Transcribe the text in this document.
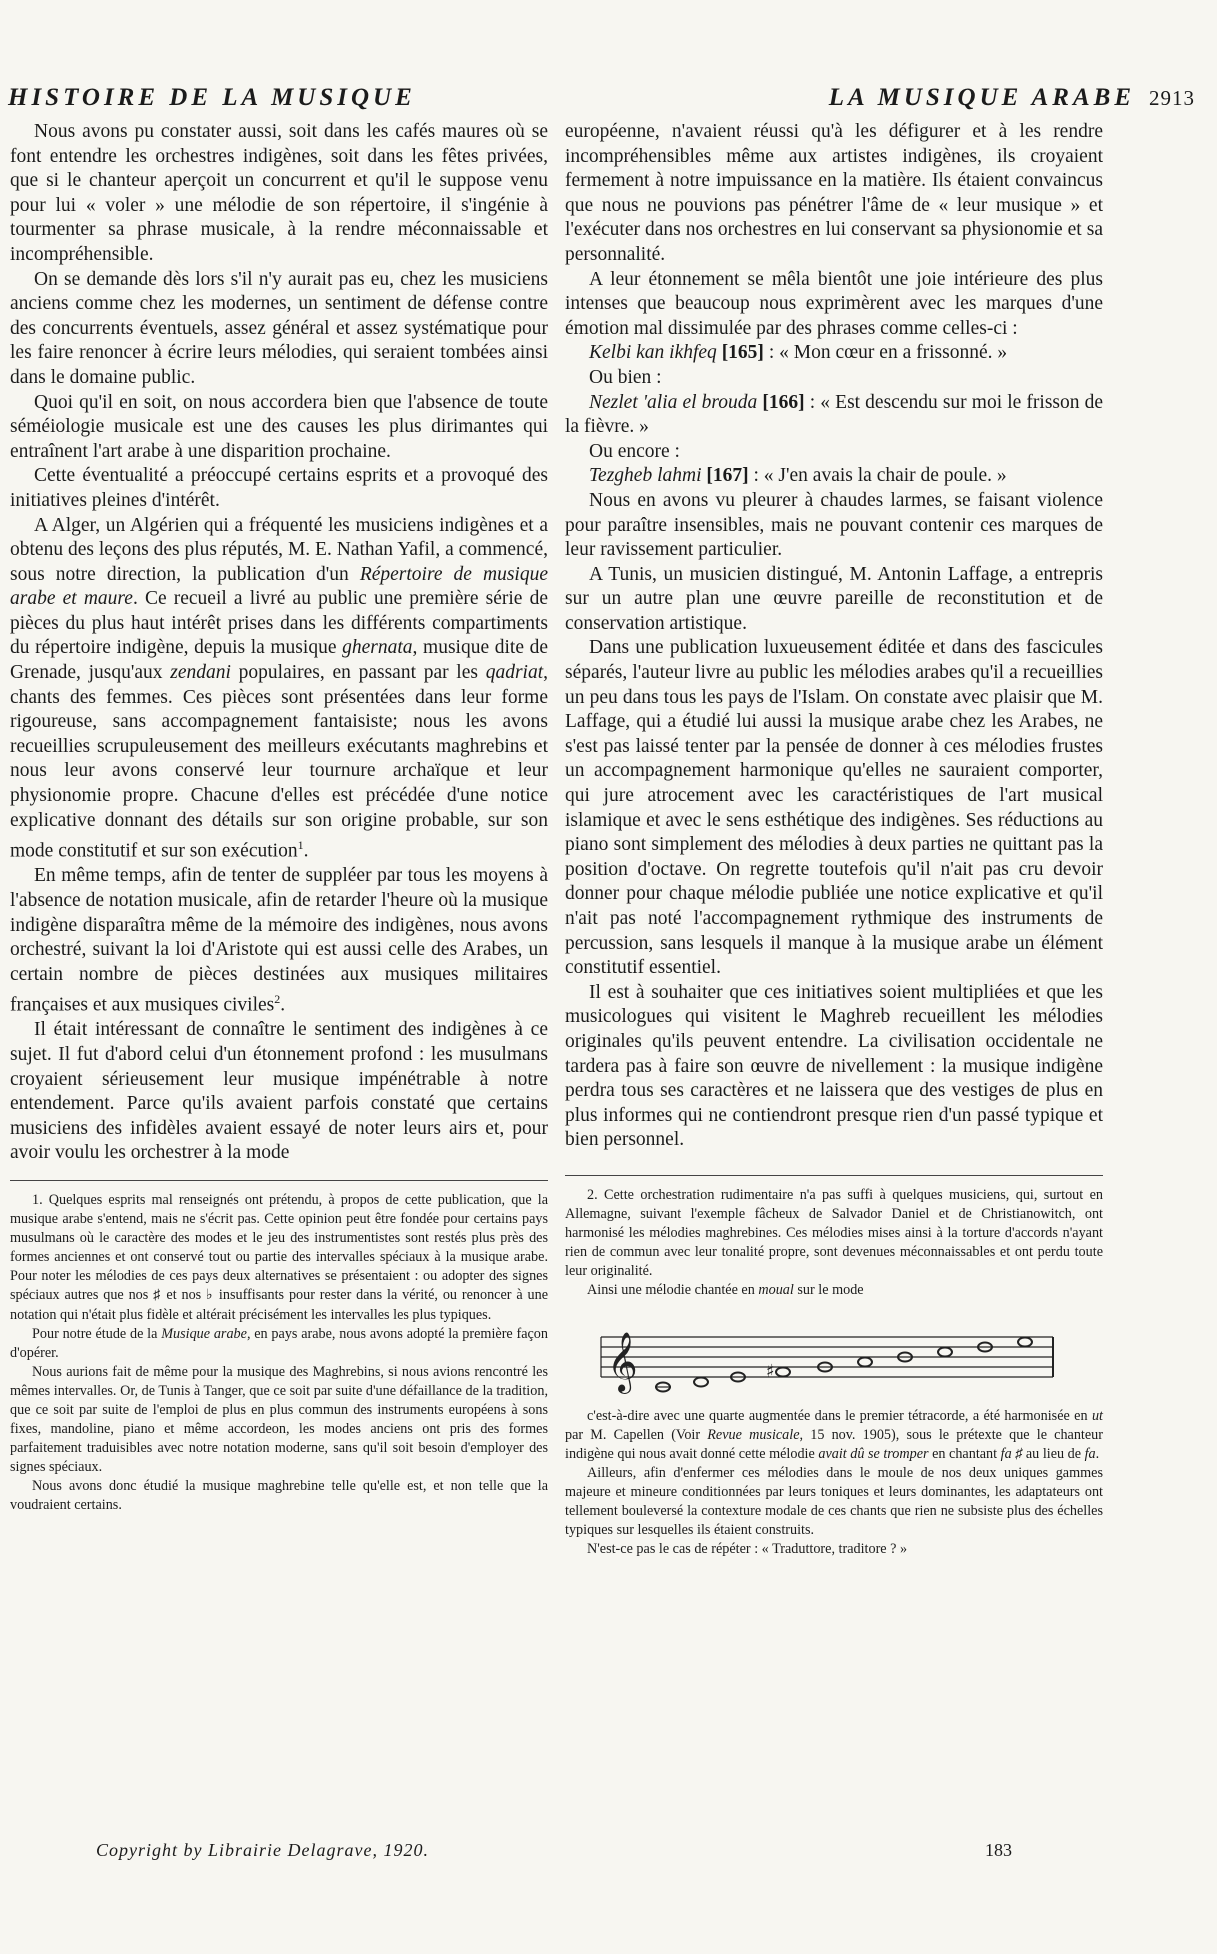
HISTOIRE DE LA MUSIQUE	LA MUSIQUE ARABE 2913

Nous avons pu constater aussi, soit dans les cafés maures où se font entendre les orchestres indigènes, soit dans les fêtes privées, que si le chanteur aperçoit un concurrent et qu'il le suppose venu pour lui « voler » une mélodie de son répertoire, il s'ingénie à tourmenter sa phrase musicale, à la rendre méconnaissable et incompréhensible.

On se demande dès lors s'il n'y aurait pas eu, chez les musiciens anciens comme chez les modernes, un sentiment de défense contre des concurrents éventuels, assez général et assez systématique pour les faire renoncer à écrire leurs mélodies, qui seraient tombées ainsi dans le domaine public.

Quoi qu'il en soit, on nous accordera bien que l'absence de toute séméiologie musicale est une des causes les plus dirimantes qui entraînent l'art arabe à une disparition prochaine.

Cette éventualité a préoccupé certains esprits et a provoqué des initiatives pleines d'intérêt.

A Alger, un Algérien qui a fréquenté les musiciens indigènes et a obtenu des leçons des plus réputés, M. E. Nathan Yafil, a commencé, sous notre direction, la publication d'un Répertoire de musique arabe et maure. Ce recueil a livré au public une première série de pièces du plus haut intérêt prises dans les différents compartiments du répertoire indigène, depuis la musique ghernata, musique dite de Grenade, jusqu'aux zendani populaires, en passant par les qadriat, chants des femmes. Ces pièces sont présentées dans leur forme rigoureuse, sans accompagnement fantaisiste; nous les avons recueillies scrupuleusement des meilleurs exécutants maghrebins et nous leur avons conservé leur tournure archaïque et leur physionomie propre. Chacune d'elles est précédée d'une notice explicative donnant des détails sur son origine probable, sur son mode constitutif et sur son exécution$^1$.

En même temps, afin de tenter de suppléer par tous les moyens à l'absence de notation musicale, afin de retarder l'heure où la musique indigène disparaîtra même de la mémoire des indigènes, nous avons orchestré, suivant la loi d'Aristote qui est aussi celle des Arabes, un certain nombre de pièces destinées aux musiques militaires françaises et aux musiques civiles$^2$.

Il était intéressant de connaître le sentiment des indigènes à ce sujet. Il fut d'abord celui d'un étonnement profond : les musulmans croyaient sérieusement leur musique impénétrable à notre entendement. Parce qu'ils avaient parfois constaté que certains musiciens des infidèles avaient essayé de noter leurs airs et, pour avoir voulu les orchestrer à la mode

1. Quelques esprits mal renseignés ont prétendu, à propos de cette publication, que la musique arabe s'entend, mais ne s'écrit pas. Cette opinion peut être fondée pour certains pays musulmans où le caractère des modes et le jeu des instrumentistes sont restés plus près des formes anciennes et ont conservé tout ou partie des intervalles spéciaux à la musique arabe. Pour noter les mélodies de ces pays deux alternatives se présentaient : ou adopter des signes spéciaux autres que nos ♯ et nos ♭ insuffisants pour rester dans la vérité, ou renoncer à une notation qui n'était plus fidèle et altérait précisément les intervalles les plus typiques.

Pour notre étude de la Musique arabe, en pays arabe, nous avons adopté la première façon d'opérer.

Nous aurions fait de même pour la musique des Maghrebins, si nous avions rencontré les mêmes intervalles. Or, de Tunis à Tanger, que ce soit par suite d'une défaillance de la tradition, que ce soit par suite de l'emploi de plus en plus commun des instruments européens à sons fixes, mandoline, piano et même accordeon, les modes anciens ont pris des formes parfaitement traduisibles avec notre notation moderne, sans qu'il soit besoin d'employer des signes spéciaux.

Nous avons donc étudié la musique maghrebine telle qu'elle est, et non telle que la voudraient certains.

européenne, n'avaient réussi qu'à les défigurer et à les rendre incompréhensibles même aux artistes indigènes, ils croyaient fermement à notre impuissance en la matière. Ils étaient convaincus que nous ne pouvions pas pénétrer l'âme de « leur musique » et l'exécuter dans nos orchestres en lui conservant sa physionomie et sa personnalité.

A leur étonnement se mêla bientôt une joie intérieure des plus intenses que beaucoup nous exprimèrent avec les marques d'une émotion mal dissimulée par des phrases comme celles-ci :

Kelbi kan ikhfeq [165] : « Mon cœur en a frissonné. »

Ou bien :

Nezlet 'alia el brouda [166] : « Est descendu sur moi le frisson de la fièvre. »

Ou encore :

Tezgheb lahmi [167] : « J'en avais la chair de poule. »

Nous en avons vu pleurer à chaudes larmes, se faisant violence pour paraître insensibles, mais ne pouvant contenir ces marques de leur ravissement particulier.

A Tunis, un musicien distingué, M. Antonin Laffage, a entrepris sur un autre plan une œuvre pareille de reconstitution et de conservation artistique.

Dans une publication luxueusement éditée et dans des fascicules séparés, l'auteur livre au public les mélodies arabes qu'il a recueillies un peu dans tous les pays de l'Islam. On constate avec plaisir que M. Laffage, qui a étudié lui aussi la musique arabe chez les Arabes, ne s'est pas laissé tenter par la pensée de donner à ces mélodies frustes un accompagnement harmonique qu'elles ne sauraient comporter, qui jure atrocement avec les caractéristiques de l'art musical islamique et avec le sens esthétique des indigènes. Ses réductions au piano sont simplement des mélodies à deux parties ne quittant pas la position d'octave. On regrette toutefois qu'il n'ait pas cru devoir donner pour chaque mélodie publiée une notice explicative et qu'il n'ait pas noté l'accompagnement rythmique des instruments de percussion, sans lesquels il manque à la musique arabe un élément constitutif essentiel.

Il est à souhaiter que ces initiatives soient multipliées et que les musicologues qui visitent le Maghreb recueillent les mélodies originales qu'ils peuvent entendre. La civilisation occidentale ne tardera pas à faire son œuvre de nivellement : la musique indigène perdra tous ses caractères et ne laissera que des vestiges de plus en plus informes qui ne contiendront presque rien d'un passé typique et bien personnel.

2. Cette orchestration rudimentaire n'a pas suffi à quelques musiciens, qui, surtout en Allemagne, suivant l'exemple fâcheux de Salvador Daniel et de Christianowitch, ont harmonisé les mélodies maghrebines. Ces mélodies mises ainsi à la torture d'accords n'ayant rien de commun avec leur tonalité propre, sont devenues méconnaissables et ont perdu toute leur originalité.

Ainsi une mélodie chantée en moual sur le mode

𝄞	♯

c'est-à-dire avec une quarte augmentée dans le premier tétracorde, a été harmonisée en ut par M. Capellen (Voir Revue musicale, 15 nov. 1905), sous le prétexte que le chanteur indigène qui nous avait donné cette mélodie avait dû se tromper en chantant fa ♯ au lieu de fa.

Ailleurs, afin d'enfermer ces mélodies dans le moule de nos deux uniques gammes majeure et mineure conditionnées par leurs toniques et leurs dominantes, les adaptateurs ont tellement bouleversé la contexture modale de ces chants que rien ne subsiste plus des échelles typiques sur lesquelles ils étaient construits.

N'est-ce pas le cas de répéter : « Traduttore, traditore ? »

Copyright by Librairie Delagrave, 1920.	183
